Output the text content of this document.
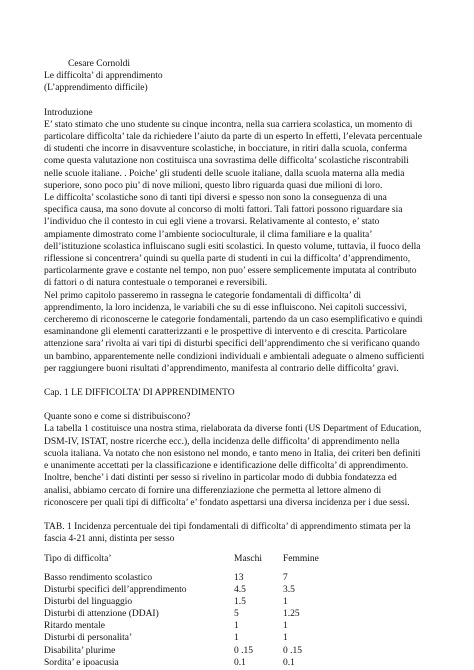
Cesare Cornoldi
Le difficolta’ di apprendimento
(L’apprendimento difficile)
Introduzione
E’ stato stimato che uno studente su cinque incontra, nella sua carriera scolastica, un momento di
particolare difficolta’ tale da richiedere l’aiuto da parte di un esperto In effetti, l’elevata percentuale
di studenti che incorre in disavventure scolastiche, in bocciature, in ritiri dalla scuola, conferma
come questa valutazione non costituisca una sovrastima delle difficolta’ scolastiche riscontrabili
nelle scuole italiane. . Poiche’ gli studenti delle scuole italiane, dalla scuola materna alla media
superiore, sono poco piu’ di nove milioni, questo libro riguarda quasi due milioni di loro.
Le difficolta’ scolastiche sono di tanti tipi diversi e spesso non sono la conseguenza di una
specifica causa, ma sono dovute al concorso di molti fattori. Tali fattori possono riguardare sia
l’individuo che il contesto in cui egli viene a trovarsi. Relativamente al contesto, e’ stato
ampiamente dimostrato come l’ambiente socioculturale, il clima familiare e la qualita’
dell’istituzione scolastica influiscano sugli esiti scolastici. In questo volume, tuttavia, il fuoco della
riflessione si concentrera’ quindi su quella parte di studenti in cui la difficolta’ d’apprendimento,
particolarmente grave e costante nel tempo, non puo’ essere semplicemente imputata al contributo
di fattori o di natura contestuale o temporanei e reversibili.
Nel primo capitolo passeremo in rassegna le categorie fondamentali di difficolta’ di
apprendimento, la loro incidenza, le variabili che su di esse influiscono. Nei capitoli successivi,
cercheremo di riconoscerne le categorie fondamentali, partendo da un caso esemplificativo e quindi
esaminandone gli elementi caratterizzanti e le prospettive di intervento e di crescita. Particolare
attenzione sara’ rivolta ai vari tipi di disturbi specifici dell’apprendimento che si verificano quando
un bambino, apparentemente nelle condizioni individuali e ambientali adeguate o almeno sufficienti
per raggiungere buoni risultati d’apprendimento, manifesta al contrario delle difficolta’ gravi.
Cap. 1 LE DIFFICOLTA’ DI APPRENDIMENTO
Quante sono e come si distribuiscono?
La tabella 1 costituisce una nostra stima, rielaborata da diverse fonti (US Department of Education,
DSM-IV, ISTAT, nostre ricerche ecc.), della incidenza delle difficolta’ di apprendimento nella
scuola italiana. Va notato che non esistono nel mondo, e tanto meno in Italia, dei criteri ben definiti
e unanimente accettati per la classificazione e identificazione delle difficolta’ di apprendimento.
Inoltre, benche’ i dati distinti per sesso si rivelino in particolar modo di dubbia fondatezza ed
analisi, abbiamo cercato di fornire una differenziazione che permetta al lettore almeno di
riconoscere per quali tipi di difficolta’ e’ fondato aspettarsi una diversa incidenza per i due sessi.
TAB. 1 Incidenza percentuale dei tipi fondamentali di difficolta’ di apprendimento stimata per la
fascia 4-21 anni, distinta per sesso
Tipo di difficolta’	Maschi Femmine
Basso rendimento scolastico	13	7
Disturbi specifici dell’apprendimento	4.5	3.5
Disturbi del linguaggio	1.5	1
Disturbi di attenzione (DDAI)	5	1.25
Ritardo mentale	1	1
Disturbi di personalita’	1	1
Disabilita’ plurime	0 .15	0 .15
Sordita’ e ipoacusia	0.1	0.1
